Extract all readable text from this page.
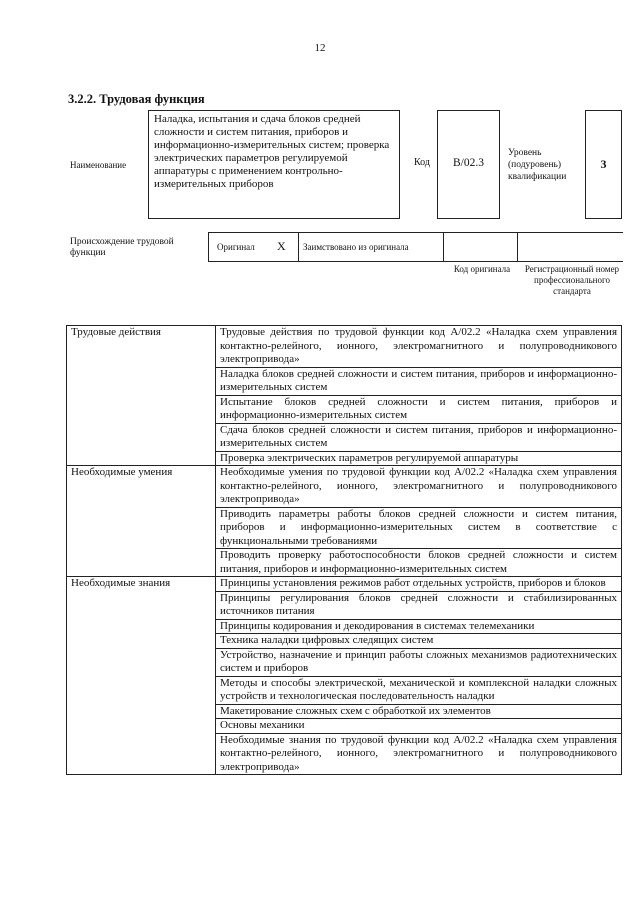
12
3.2.2. Трудовая функция
Наименование
Наладка, испытания и сдача блоков средней сложности и систем питания, приборов и информационно-измерительных систем; проверка электрических параметров регулируемой аппаратуры с применением контрольно-измерительных приборов
Код	В/02.3
Уровень (подуровень) квалификации
3
Происхождение трудовой функции
Оригинал X Заимствовано из оригинала
Код оригинала	Регистрационный номер профессионального стандарта
Трудовые действия	Трудовые действия по трудовой функции код А/02.2 «Наладка схем управления контактно-релейного, ионного, электромагнитного и полупроводникового электропривода»
	Наладка блоков средней сложности и систем питания, приборов и информационно-измерительных систем
	Испытание блоков средней сложности и систем питания, приборов и информационно-измерительных систем
	Сдача блоков средней сложности и систем питания, приборов и информационно-измерительных систем
	Проверка электрических параметров регулируемой аппаратуры
Необходимые умения	Необходимые умения по трудовой функции код А/02.2 «Наладка схем управления контактно-релейного, ионного, электромагнитного и полупроводникового электропривода»
	Приводить параметры работы блоков средней сложности и систем питания, приборов и информационно-измерительных систем в соответствие с функциональными требованиями
	Проводить проверку работоспособности блоков средней сложности и систем питания, приборов и информационно-измерительных систем
Необходимые знания	Принципы установления режимов работ отдельных устройств, приборов и блоков
	Принципы регулирования блоков средней сложности и стабилизированных источников питания
	Принципы кодирования и декодирования в системах телемеханики
	Техника наладки цифровых следящих систем
	Устройство, назначение и принцип работы сложных механизмов радиотехнических систем и приборов
	Методы и способы электрической, механической и комплексной наладки сложных устройств и технологическая последовательность наладки
	Макетирование сложных схем с обработкой их элементов
	Основы механики
	Необходимые знания по трудовой функции код А/02.2 «Наладка схем управления контактно-релейного, ионного, электромагнитного и полупроводникового электропривода»
